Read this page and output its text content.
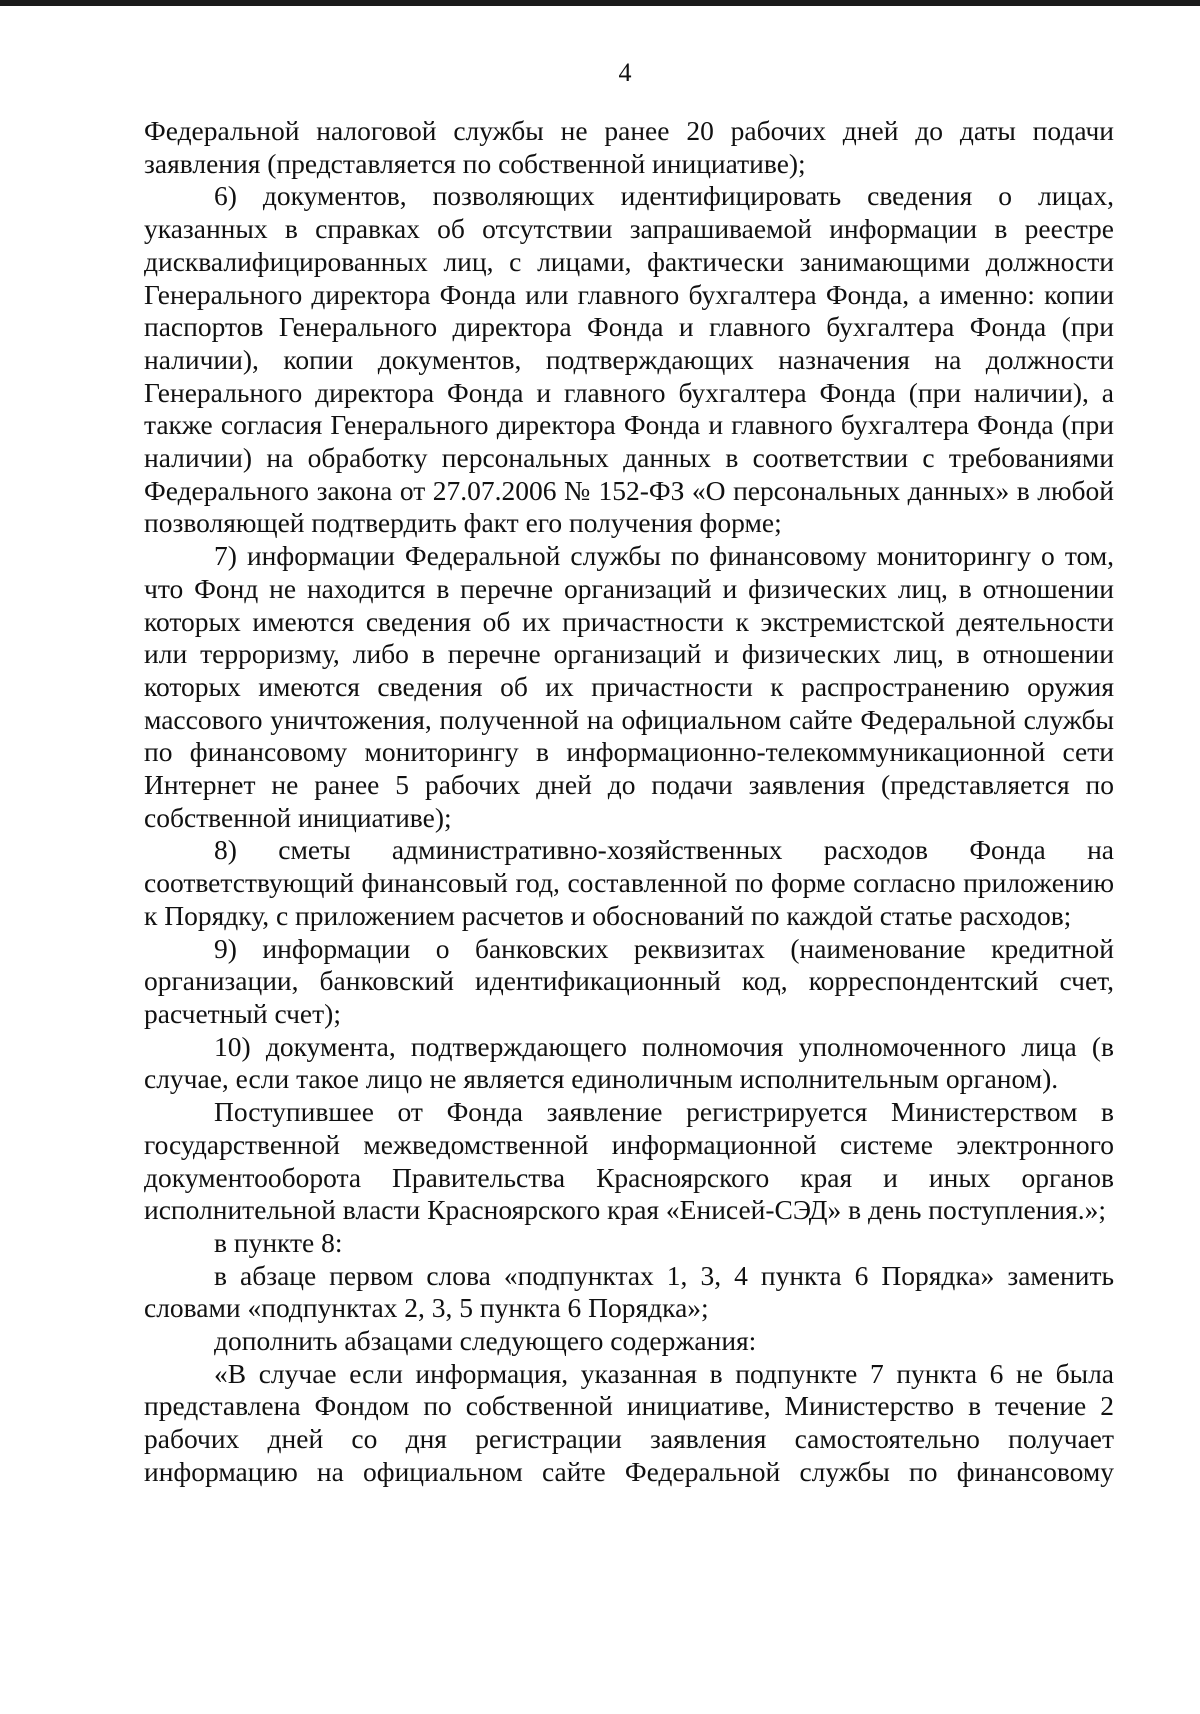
4

Федеральной налоговой службы не ранее 20 рабочих дней до даты подачи заявления (представляется по собственной инициативе);

6) документов, позволяющих идентифицировать сведения о лицах, указанных в справках об отсутствии запрашиваемой информации в реестре дисквалифицированных лиц, с лицами, фактически занимающими должности Генерального директора Фонда или главного бухгалтера Фонда, а именно: копии паспортов Генерального директора Фонда и главного бухгалтера Фонда (при наличии), копии документов, подтверждающих назначения на должности Генерального директора Фонда и главного бухгалтера Фонда (при наличии), а также согласия Генерального директора Фонда и главного бухгалтера Фонда (при наличии) на обработку персональных данных в соответствии с требованиями Федерального закона от 27.07.2006 № 152-ФЗ «О персональных данных» в любой позволяющей подтвердить факт его получения форме;

7) информации Федеральной службы по финансовому мониторингу о том, что Фонд не находится в перечне организаций и физических лиц, в отношении которых имеются сведения об их причастности к экстремистской деятельности или терроризму, либо в перечне организаций и физических лиц, в отношении которых имеются сведения об их причастности к распространению оружия массового уничтожения, полученной на официальном сайте Федеральной службы по финансовому мониторингу в информационно-телекоммуникационной сети Интернет не ранее 5 рабочих дней до подачи заявления (представляется по собственной инициативе);

8) сметы административно-хозяйственных расходов Фонда на соответствующий финансовый год, составленной по форме согласно приложению к Порядку, с приложением расчетов и обоснований по каждой статье расходов;

9) информации о банковских реквизитах (наименование кредитной организации, банковский идентификационный код, корреспондентский счет, расчетный счет);

10) документа, подтверждающего полномочия уполномоченного лица (в случае, если такое лицо не является единоличным исполнительным органом).

Поступившее от Фонда заявление регистрируется Министерством в государственной межведомственной информационной системе электронного документооборота Правительства Красноярского края и иных органов исполнительной власти Красноярского края «Енисей-СЭД» в день поступления.»;

в пункте 8:

в абзаце первом слова «подпунктах 1, 3, 4 пункта 6 Порядка» заменить словами «подпунктах 2, 3, 5 пункта 6 Порядка»;

дополнить абзацами следующего содержания:

«В случае если информация, указанная в подпункте 7 пункта 6 не была представлена Фондом по собственной инициативе, Министерство в течение 2 рабочих дней со дня регистрации заявления самостоятельно получает информацию на официальном сайте Федеральной службы по финансовому
